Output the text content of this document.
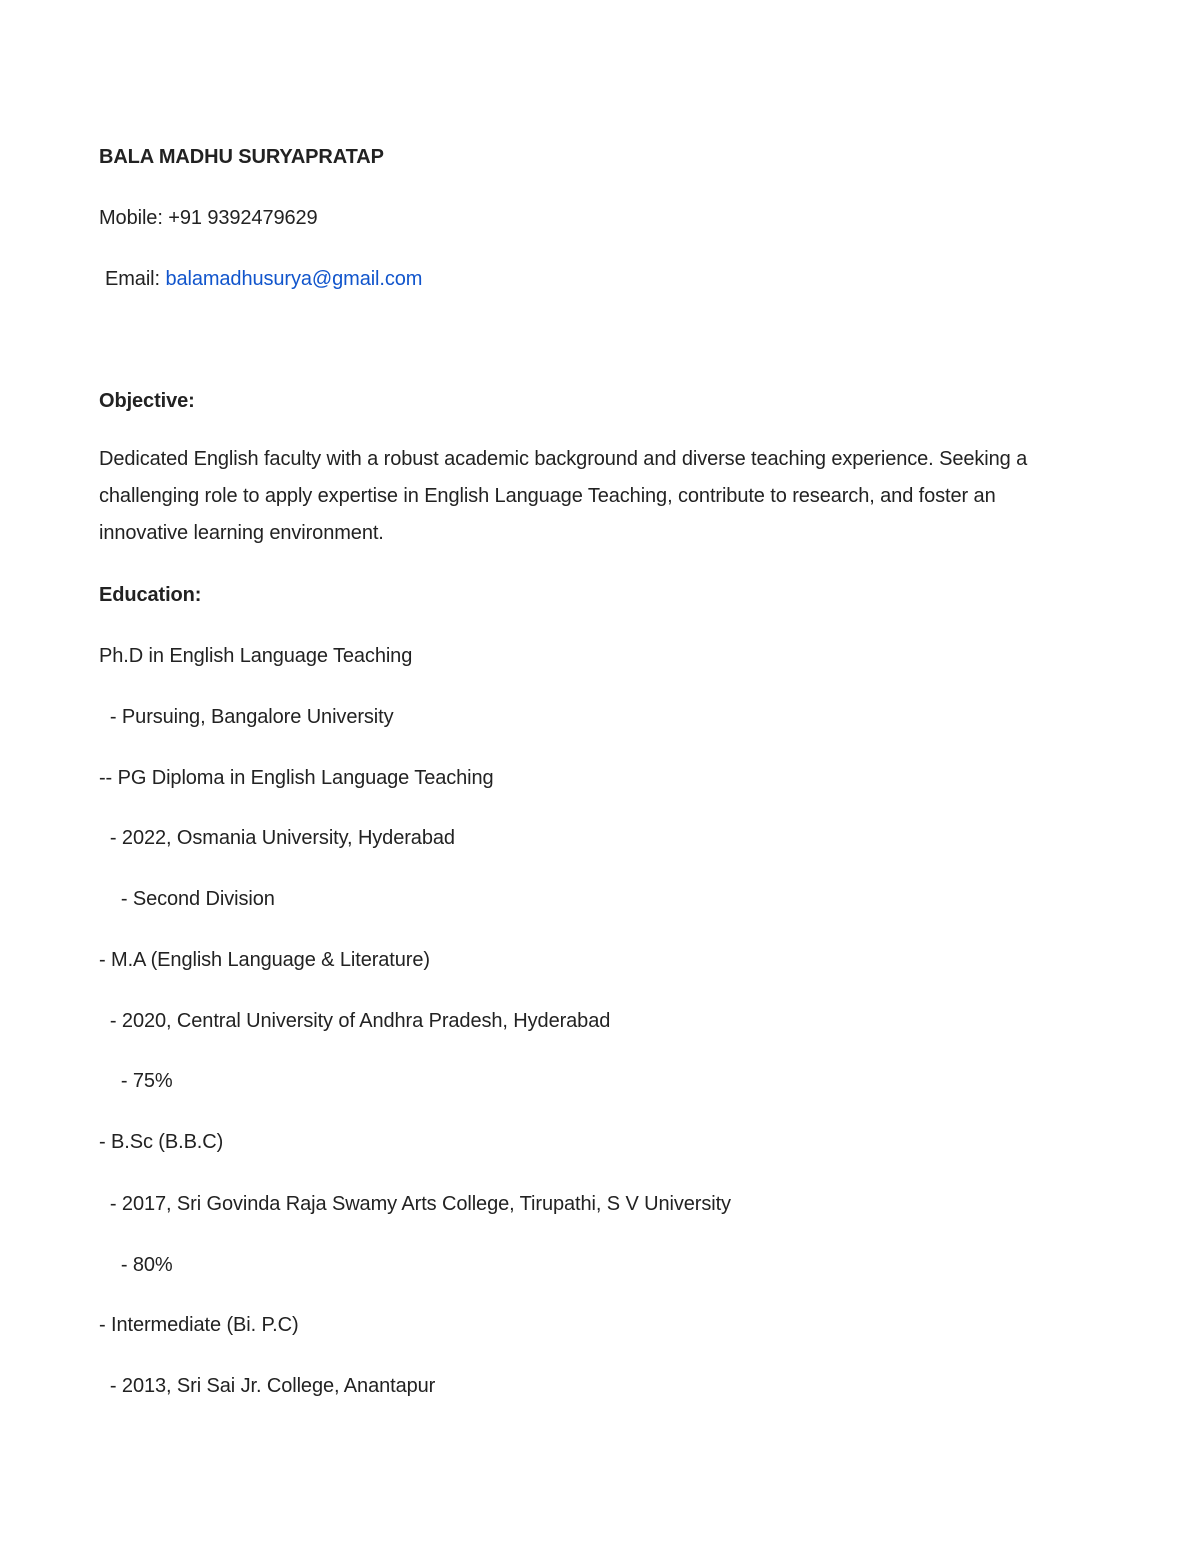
BALA MADHU SURYAPRATAP
Mobile: +91 9392479629
Email: balamadhusurya@gmail.com
Objective:
Dedicated English faculty with a robust academic background and diverse teaching experience. Seeking a challenging role to apply expertise in English Language Teaching, contribute to research, and foster an innovative learning environment.
Education:
Ph.D in English Language Teaching
- Pursuing, Bangalore University
-- PG Diploma in English Language Teaching
- 2022, Osmania University, Hyderabad
- Second Division
- M.A (English Language & Literature)
- 2020, Central University of Andhra Pradesh, Hyderabad
- 75%
- B.Sc (B.B.C)
- 2017, Sri Govinda Raja Swamy Arts College, Tirupathi, S V University
- 80%
- Intermediate (Bi. P.C)
- 2013, Sri Sai Jr. College, Anantapur
